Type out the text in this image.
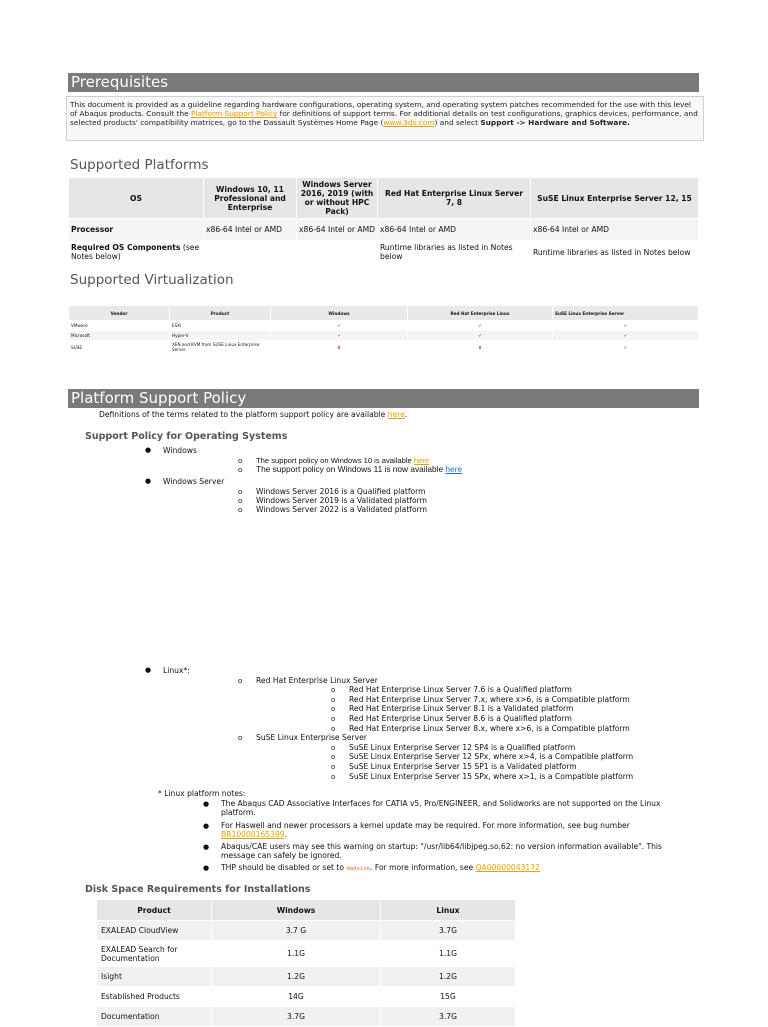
Prerequisites
This document is provided as a guideline regarding hardware configurations, operating system, and operating system patches recommended for the use with this level of Abaqus products. Consult the Platform Support Policy for definitions of support terms. For additional details on test configurations, graphics devices, performance, and selected products' compatibility matrices, go to the Dassault Systèmes Home Page (www.3ds.com) and select Support -> Hardware and Software.
Supported Platforms
OS	Windows 10, 11 Professional and Enterprise	Windows Server 2016, 2019 (with or without HPC Pack)	Red Hat Enterprise Linux Server 7, 8	SuSE Linux Enterprise Server 12, 15
Processor	x86-64 Intel or AMD	x86-64 Intel or AMD	x86-64 Intel or AMD	x86-64 Intel or AMD
Required OS Components (see Notes below)			Runtime libraries as listed in Notes below	Runtime libraries as listed in Notes below
Supported Virtualization
Vendor	Product	Windows	Red Hat Enterprise Linux	SuSE Linux Enterprise Server
VMware	ESXi	✔	✔	✔
Microsoft	Hyper-V	✔	✔	✔
SUSE	XEN and KVM from SUSE Linux Enterprise Server	✘	✘	✔
Platform Support Policy
Definitions of the terms related to the platform support policy are available here.
Support Policy for Operating Systems
● Windows
o The support policy on Windows 10 is available here
o The support policy on Windows 11 is now available here
● Windows Server
o Windows Server 2016 is a Qualified platform
o Windows Server 2019 is a Validated platform
o Windows Server 2022 is a Validated platform
● Linux*:
o Red Hat Enterprise Linux Server
o Red Hat Enterprise Linux Server 7.6 is a Qualified platform
o Red Hat Enterprise Linux Server 7.x, where x>6, is a Compatible platform
o Red Hat Enterprise Linux Server 8.1 is a Validated platform
o Red Hat Enterprise Linux Server 8.6 is a Qualified platform
o Red Hat Enterprise Linux Server 8.x, where x>6, is a Compatible platform
o SuSE Linux Enterprise Server
o SuSE Linux Enterprise Server 12 SP4 is a Qualified platform
o SuSE Linux Enterprise Server 12 SPx, where x>4, is a Compatible platform
o SuSE Linux Enterprise Server 15 SP1 is a Validated platform
o SuSE Linux Enterprise Server 15 SPx, where x>1, is a Compatible platform
* Linux platform notes:
● The Abaqus CAD Associative Interfaces for CATIA v5, Pro/ENGINEER, and Solidworks are not supported on the Linux platform.
● For Haswell and newer processors a kernel update may be required. For more information, see bug number BR10000165399.
● Abaqus/CAE users may see this warning on startup: "/usr/lib64/libjpeg.so.62: no version information available". This message can safely be ignored.
● THP should be disabled or set to madvise. For more information, see QA00000043172
Disk Space Requirements for Installations
Product	Windows	Linux
EXALEAD CloudView	3.7 G	3.7G
EXALEAD Search for Documentation	1.1G	1.1G
Isight	1.2G	1.2G
Established Products	14G	15G
Documentation	3.7G	3.7G
